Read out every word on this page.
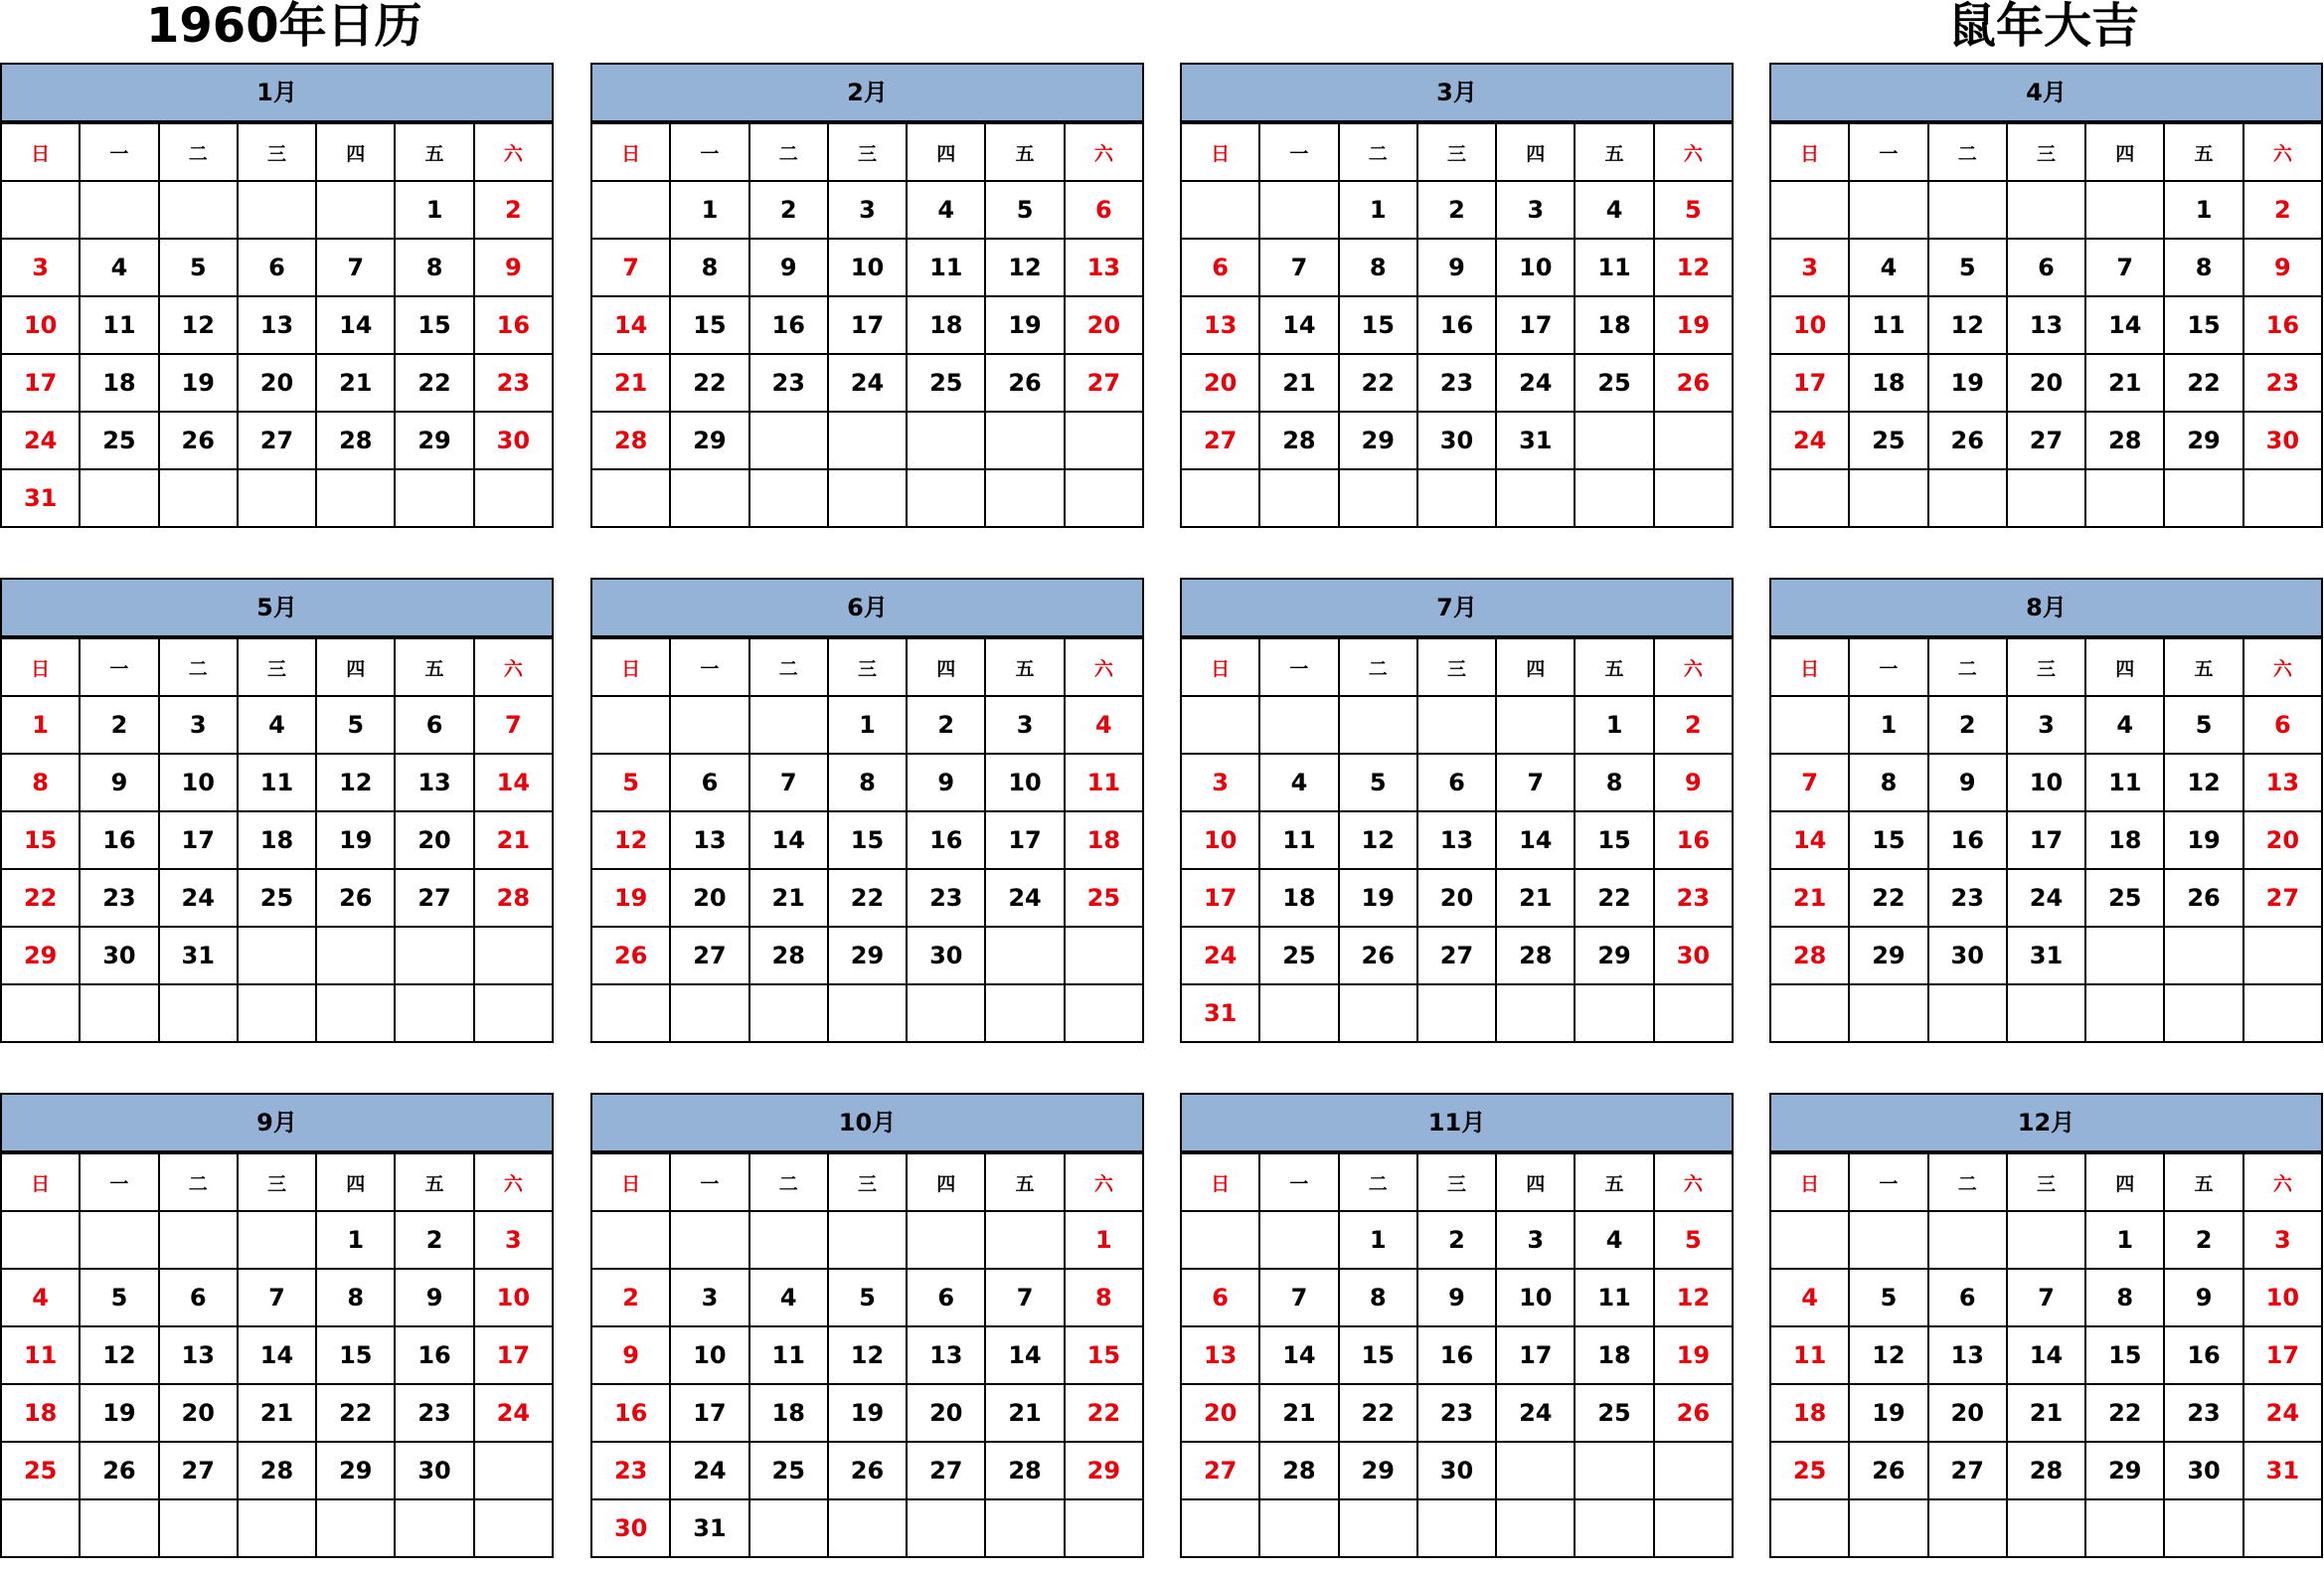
1960年日历	鼠年大吉
1月
日	一	二	三	四	五	六
					1	2
3	4	5	6	7	8	9
10	11	12	13	14	15	16
17	18	19	20	21	22	23
24	25	26	27	28	29	30
31						
2月
日	一	二	三	四	五	六
	1	2	3	4	5	6
7	8	9	10	11	12	13
14	15	16	17	18	19	20
21	22	23	24	25	26	27
28	29					

3月
日	一	二	三	四	五	六
		1	2	3	4	5
6	7	8	9	10	11	12
13	14	15	16	17	18	19
20	21	22	23	24	25	26
27	28	29	30	31		

4月
日	一	二	三	四	五	六
					1	2
3	4	5	6	7	8	9
10	11	12	13	14	15	16
17	18	19	20	21	22	23
24	25	26	27	28	29	30

5月
日	一	二	三	四	五	六
1	2	3	4	5	6	7
8	9	10	11	12	13	14
15	16	17	18	19	20	21
22	23	24	25	26	27	28
29	30	31				

6月
日	一	二	三	四	五	六
			1	2	3	4
5	6	7	8	9	10	11
12	13	14	15	16	17	18
19	20	21	22	23	24	25
26	27	28	29	30		

7月
日	一	二	三	四	五	六
					1	2
3	4	5	6	7	8	9
10	11	12	13	14	15	16
17	18	19	20	21	22	23
24	25	26	27	28	29	30
31						
8月
日	一	二	三	四	五	六
	1	2	3	4	5	6
7	8	9	10	11	12	13
14	15	16	17	18	19	20
21	22	23	24	25	26	27
28	29	30	31			

9月
日	一	二	三	四	五	六
				1	2	3
4	5	6	7	8	9	10
11	12	13	14	15	16	17
18	19	20	21	22	23	24
25	26	27	28	29	30	

10月
日	一	二	三	四	五	六
						1
2	3	4	5	6	7	8
9	10	11	12	13	14	15
16	17	18	19	20	21	22
23	24	25	26	27	28	29
30	31					
11月
日	一	二	三	四	五	六
		1	2	3	4	5
6	7	8	9	10	11	12
13	14	15	16	17	18	19
20	21	22	23	24	25	26
27	28	29	30			

12月
日	一	二	三	四	五	六
				1	2	3
4	5	6	7	8	9	10
11	12	13	14	15	16	17
18	19	20	21	22	23	24
25	26	27	28	29	30	31
